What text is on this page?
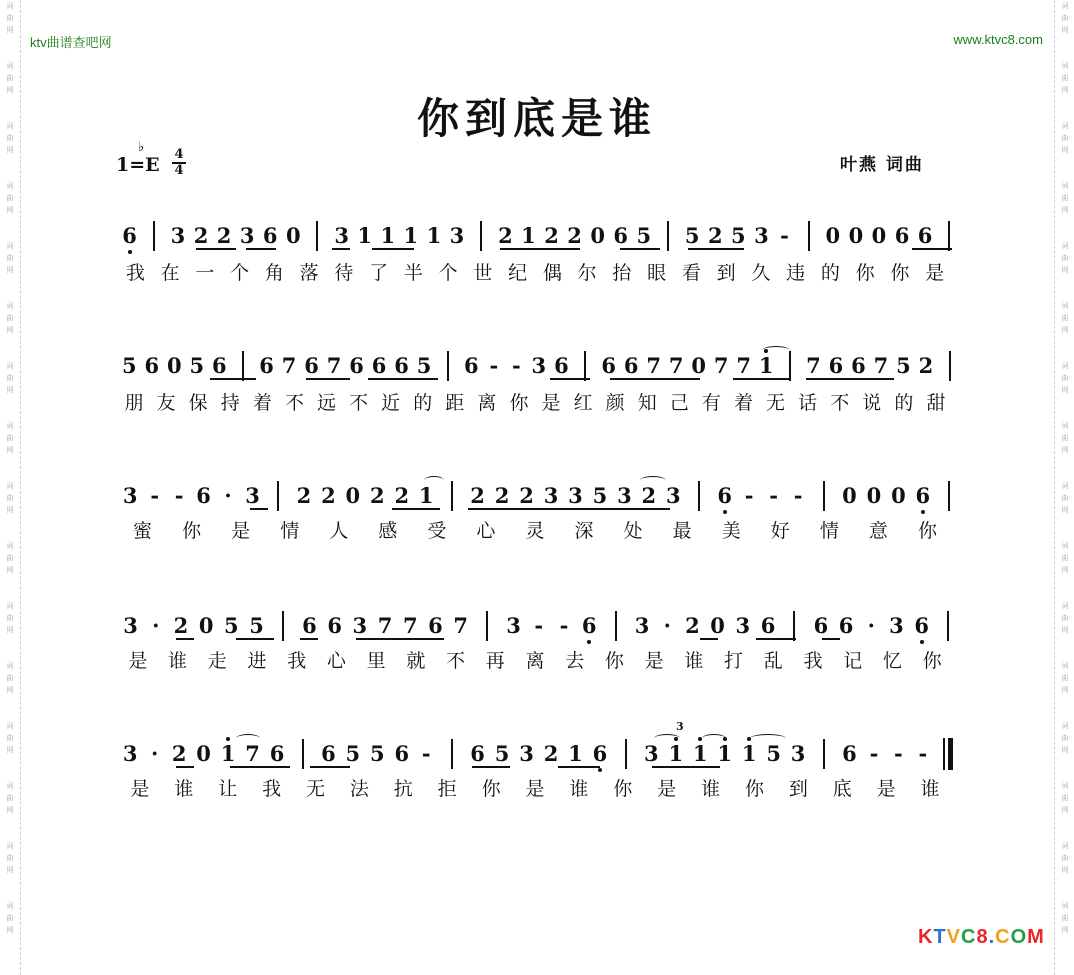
词
曲
网
词
曲
网
词
曲
网
词
曲
网
词
曲
网
词
曲
网
词
曲
网
词
曲
网
词
曲
网
词
曲
网
词
曲
网
词
曲
网
词
曲
网
词
曲
网
词
曲
网
词
曲
网
词
曲
网
词
曲
网
词
曲
网
词
曲
网
词
曲
网
词
曲
网
词
曲
网
词
曲
网
词
曲
网
词
曲
网
词
曲
网
词
曲
网
词
曲
网
词
曲
网
词
曲
网
词
曲
网
ktv曲谱查吧网	www.ktvc8.com
你到底是谁
1=E
♭ 4
4	叶燕 词曲
6 3 2 2 3 6 0 3 1 1 1 1 3 2 1 2 2 0 6 5 5 2 5 3 - 0 0 0 6 6
5 6 0 5 6 6 7 6 7 6 6 6 5 6 - - 3 6 6 6 7 7 0 7 7 1 7 6 6 7 5 2
3 - - 6 · 3 2 2 0 2 2 1 2 2 2 3 3 5 3 2 3 6 - - - 0 0 0 6
3 · 2 0 5 5 6 6 3 7 7 6 7 3 - - 6 3 · 2 0 3 6 6 6 · 3 6
3 · 2 0 1 7 6 6 5 5 6 - 6 5 3 2 1 6 3 1 1 1 1 5 3 6 - - -
3
我 在 一 个 角 落 待 了 半 个 世 纪 偶 尔 抬 眼 看 到 久 违 的 你 你 是
朋 友 保 持 着 不 远 不 近 的 距 离 你 是 红 颜 知 己 有 着 无 话 不 说 的 甜
蜜 你 是 情 人 感 受 心 灵 深 处 最 美 好 情 意 你
是 谁 走 进 我 心 里 就 不 再 离 去 你 是 谁 打 乱 我 记 忆 你
是 谁 让 我 无 法 抗 拒 你 是 谁 你 是 谁 你 到 底 是 谁
KTVC8.COM
